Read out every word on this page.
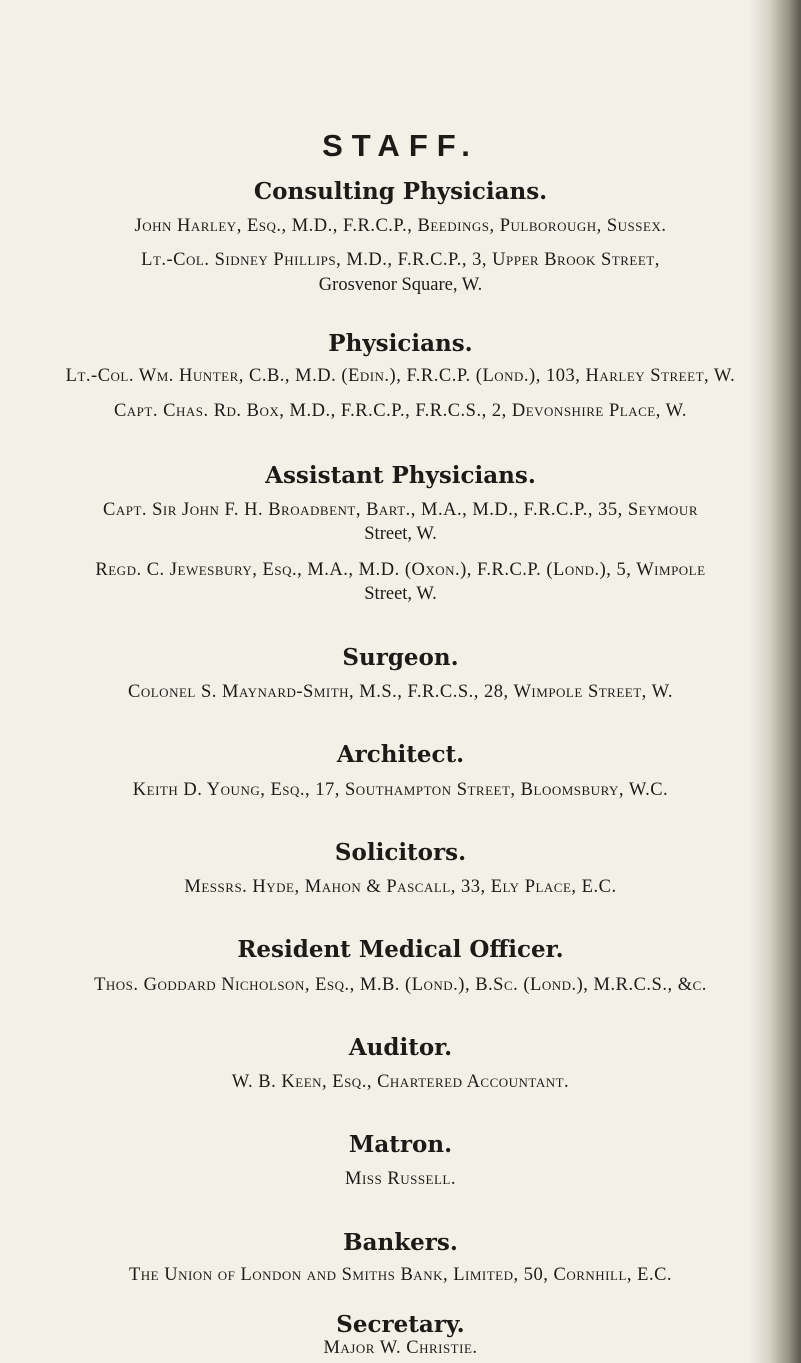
STAFF.
Consulting Physicians.
John Harley, Esq., M.D., F.R.C.P., Beedings, Pulborough, Sussex.
Lt.-Col. Sidney Phillips, M.D., F.R.C.P., 3, Upper Brook Street,
Grosvenor Square, W.
Physicians.
Lt.-Col. Wm. Hunter, C.B., M.D. (Edin.), F.R.C.P. (Lond.), 103, Harley Street, W.
Capt. Chas. Rd. Box, M.D., F.R.C.P., F.R.C.S., 2, Devonshire Place, W.
Assistant Physicians.
Capt. Sir John F. H. Broadbent, Bart., M.A., M.D., F.R.C.P., 35, Seymour
Street, W.
Regd. C. Jewesbury, Esq., M.A., M.D. (Oxon.), F.R.C.P. (Lond.), 5, Wimpole
Street, W.
Surgeon.
Colonel S. Maynard-Smith, M.S., F.R.C.S., 28, Wimpole Street, W.
Architect.
Keith D. Young, Esq., 17, Southampton Street, Bloomsbury, W.C.
Solicitors.
Messrs. Hyde, Mahon & Pascall, 33, Ely Place, E.C.
Resident Medical Officer.
Thos. Goddard Nicholson, Esq., M.B. (Lond.), B.Sc. (Lond.), M.R.C.S., &c.
Auditor.
W. B. Keen, Esq., Chartered Accountant.
Matron.
Miss Russell.
Bankers.
The Union of London and Smiths Bank, Limited, 50, Cornhill, E.C.
Secretary.
Major W. Christie.
